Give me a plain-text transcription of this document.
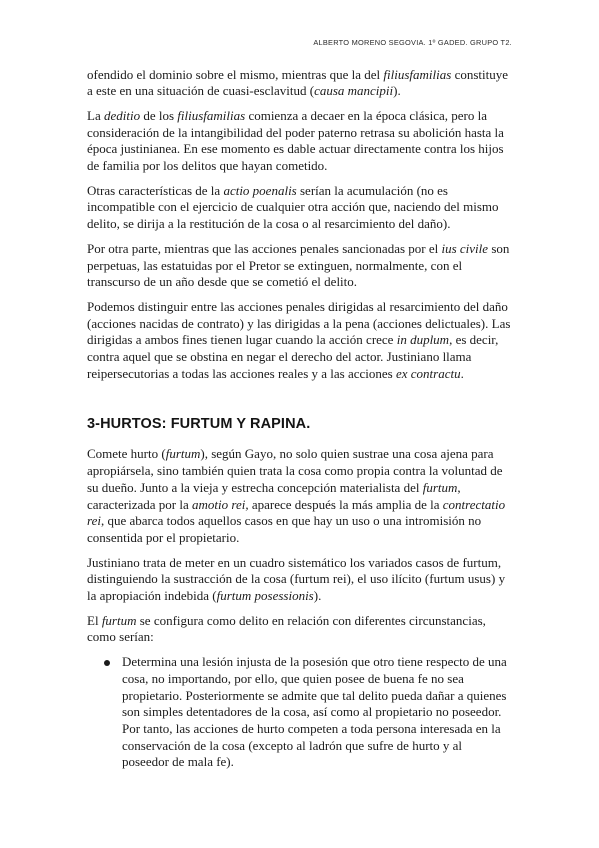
ALBERTO MORENO SEGOVIA. 1º GADED. GRUPO T2.

ofendido el dominio sobre el mismo, mientras que la del filiusfamilias constituye a este en una situación de cuasi-esclavitud (causa mancipii).

La deditio de los filiusfamilias comienza a decaer en la época clásica, pero la consideración de la intangibilidad del poder paterno retrasa su abolición hasta la época justinianea. En ese momento es dable actuar directamente contra los hijos de familia por los delitos que hayan cometido.

Otras características de la actio poenalis serían la acumulación (no es incompatible con el ejercicio de cualquier otra acción que, naciendo del mismo delito, se dirija a la restitución de la cosa o al resarcimiento del daño).

Por otra parte, mientras que las acciones penales sancionadas por el ius civile son perpetuas, las estatuidas por el Pretor se extinguen, normalmente, con el transcurso de un año desde que se cometió el delito.

Podemos distinguir entre las acciones penales dirigidas al resarcimiento del daño (acciones nacidas de contrato) y las dirigidas a la pena (acciones delictuales). Las dirigidas a ambos fines tienen lugar cuando la acción crece in duplum, es decir, contra aquel que se obstina en negar el derecho del actor. Justiniano llama reipersecutorias a todas las acciones reales y a las acciones ex contractu.

3-HURTOS: FURTUM Y RAPINA.

Comete hurto (furtum), según Gayo, no solo quien sustrae una cosa ajena para apropiársela, sino también quien trata la cosa como propia contra la voluntad de su dueño. Junto a la vieja y estrecha concepción materialista del furtum, caracterizada por la amotio rei, aparece después la más amplia de la contrectatio rei, que abarca todos aquellos casos en que hay un uso o una intromisión no consentida por el propietario.

Justiniano trata de meter en un cuadro sistemático los variados casos de furtum, distinguiendo la sustracción de la cosa (furtum rei), el uso ilícito (furtum usus) y la apropiación indebida (furtum posessionis).

El furtum se configura como delito en relación con diferentes circunstancias, como serían:

Determina una lesión injusta de la posesión que otro tiene respecto de una cosa, no importando, por ello, que quien posee de buena fe no sea propietario. Posteriormente se admite que tal delito pueda dañar a quienes son simples detentadores de la cosa, así como al propietario no poseedor. Por tanto, las acciones de hurto competen a toda persona interesada en la conservación de la cosa (excepto al ladrón que sufre de hurto y al poseedor de mala fe).
